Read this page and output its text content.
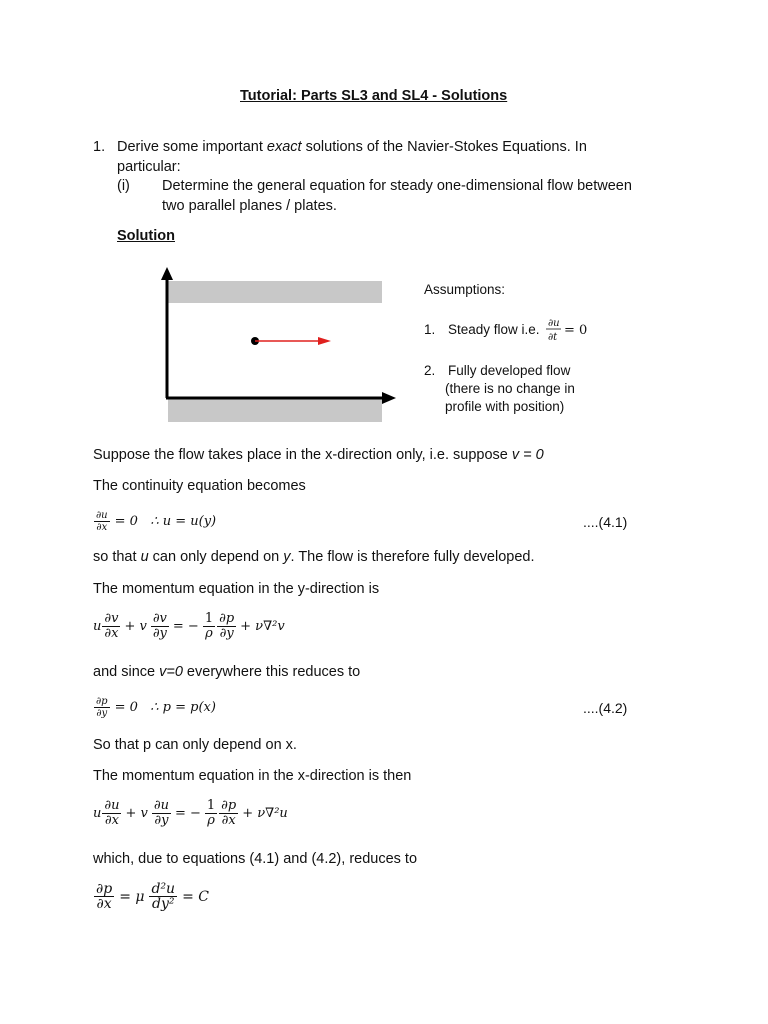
Tutorial: Parts SL3 and SL4 - Solutions
1. Derive some important exact solutions of the Navier-Stokes Equations. In
particular:
(i) Determine the general equation for steady one-dimensional flow between
two parallel planes / plates.
Solution
Assumptions:
1. Steady flow i.e. ∂u
∂t = 0
2. Fully developed flow
(there is no change in
profile with position)
Suppose the flow takes place in the x-direction only, i.e. suppose v = 0
The continuity equation becomes
$\frac{\partial u}{\partial x} = 0$   ∴ u = u(y)	....(4.1)
so that u can only depend on y. The flow is therefore fully developed.
The momentum equation in the y-direction is
u $\frac{\partial v}{\partial x} + v \frac{\partial v}{\partial y}$ = − $\frac{1}{\rho} \frac{\partial p}{\partial y} + \nu\nabla^2v$
and since v=0 everywhere this reduces to
$\frac{\partial p}{\partial y} = 0$   ∴ p = p(x)	....(4.2)
So that p can only depend on x.
The momentum equation in the x-direction is then
u $\frac{\partial u}{\partial x} + v \frac{\partial u}{\partial y}$ = − $\frac{1}{\rho} \frac{\partial p}{\partial x} + \nu\nabla^2u$
which, due to equations (4.1) and (4.2), reduces to
$\frac{\partial p}{\partial x} = \mu \frac{\text{d²u}}{\text{dy²}} = C$
